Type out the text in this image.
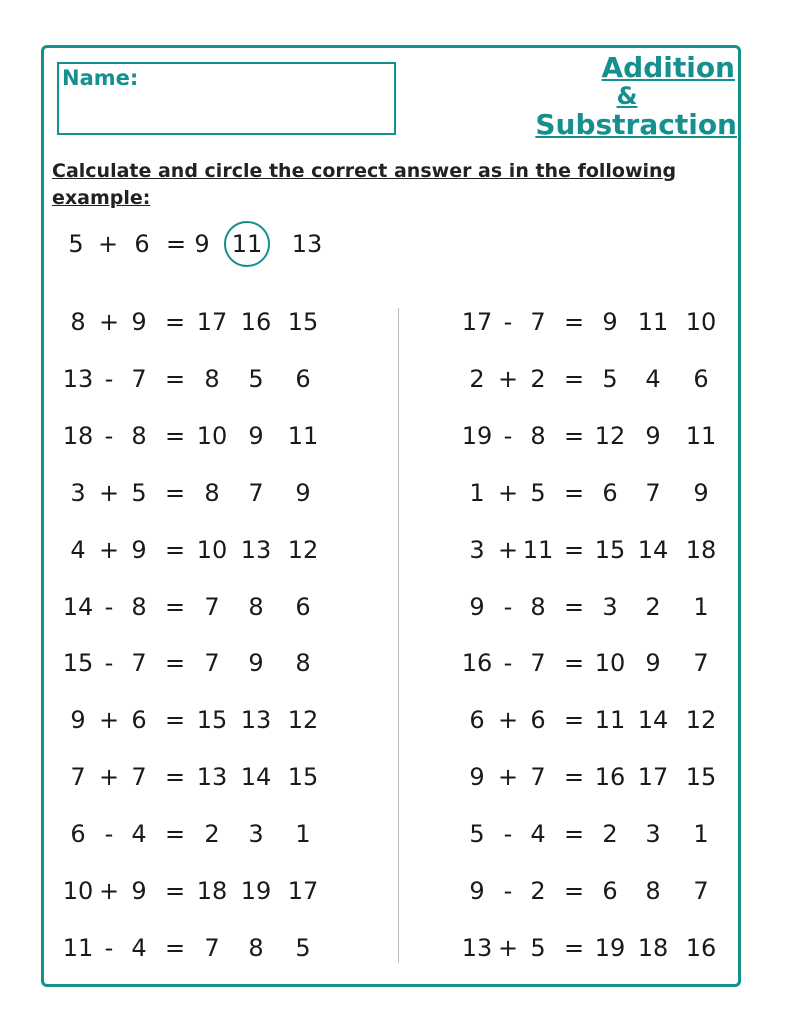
Name:	Addition
&
Substraction
Calculate and circle the correct answer as in the following example:
5 + 6 = 9 11 13
8 + 9 = 17 16 15
13 - 7 = 8	5	6
18 - 8 = 10 9	11
3 + 5 = 8	7	9
4 + 9 = 10 13 12
14 - 8 = 7	8	6
15 - 7 = 7	9	8
9 + 6 = 15 13 12
7 + 7 = 13 14 15
6 - 4 = 2	3	1
10 + 9 = 18 19 17
11 - 4 = 7	8	5
17 - 7 = 9 11 10
2 + 2 = 5	4	6
19 - 8 = 12 9	11
1 + 5 = 6	7	9
3 + 11 = 15 14 18
9 - 8 = 3	2	1
16 - 7 = 10 9	7
6 + 6 = 11 14 12
9 + 7 = 16 17 15
5 - 4 = 2	3	1
9 - 2 = 6	8	7
13 + 5 = 19 18 16
